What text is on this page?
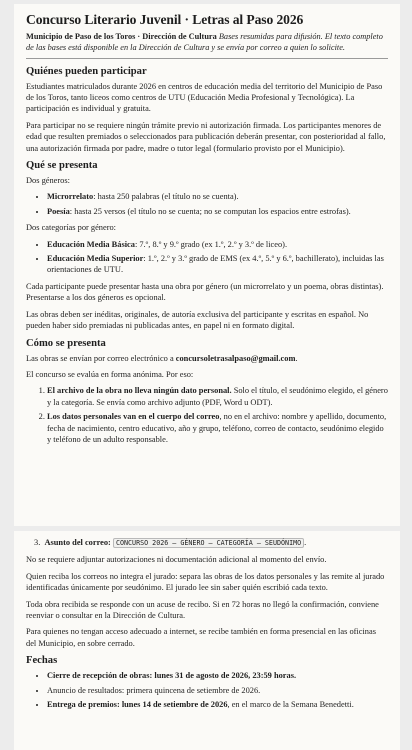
Concurso Literario Juvenil · Letras al Paso 2026

Municipio de Paso de los Toros · Dirección de Cultura Bases resumidas para difusión. El texto completo de las bases está disponible en la Dirección de Cultura y se envía por correo a quien lo solicite.

Quiénes pueden participar

Estudiantes matriculados durante 2026 en centros de educación media del territorio del Municipio de Paso de los Toros, tanto liceos como centros de UTU (Educación Media Profesional y Tecnológica). La participación es individual y gratuita.

Para participar no se requiere ningún trámite previo ni autorización firmada. Los participantes menores de edad que resulten premiados o seleccionados para publicación deberán presentar, con posterioridad al fallo, una autorización firmada por padre, madre o tutor legal (formulario provisto por el Municipio).

Qué se presenta

Dos géneros:

• Microrrelato: hasta 250 palabras (el título no se cuenta).
• Poesía: hasta 25 versos (el título no se cuenta; no se computan los espacios entre estrofas).

Dos categorías por género:

• Educación Media Básica: 7.º, 8.º y 9.º grado (ex 1.º, 2.º y 3.º de liceo).
• Educación Media Superior: 1.º, 2.º y 3.º grado de EMS (ex 4.º, 5.º y 6.º, bachillerato), incluidas las orientaciones de UTU.

Cada participante puede presentar hasta una obra por género (un microrrelato y un poema, obras distintas). Presentarse a los dos géneros es opcional.

Las obras deben ser inéditas, originales, de autoría exclusiva del participante y escritas en español. No pueden haber sido premiadas ni publicadas antes, en papel ni en formato digital.

Cómo se presenta

Las obras se envían por correo electrónico a concursoletrasalpaso@gmail.com.

El concurso se evalúa en forma anónima. Por eso:

1. El archivo de la obra no lleva ningún dato personal. Solo el título, el seudónimo elegido, el género y la categoría. Se envía como archivo adjunto (PDF, Word u ODT).
2. Los datos personales van en el cuerpo del correo, no en el archivo: nombre y apellido, documento, fecha de nacimiento, centro educativo, año y grupo, teléfono, correo de contacto, seudónimo elegido y teléfono de un adulto responsable.
3. Asunto del correo: CONCURSO 2026 — GÉNERO — CATEGORÍA — SEUDÓNIMO .

No se requiere adjuntar autorizaciones ni documentación adicional al momento del envío.

Quien reciba los correos no integra el jurado: separa las obras de los datos personales y las remite al jurado identificadas únicamente por seudónimo. El jurado lee sin saber quién escribió cada texto.

Toda obra recibida se responde con un acuse de recibo. Si en 72 horas no llegó la confirmación, conviene reenviar o consultar en la Dirección de Cultura.

Para quienes no tengan acceso adecuado a internet, se recibe también en forma presencial en las oficinas del Municipio, en sobre cerrado.

Fechas
• Cierre de recepción de obras: lunes 31 de agosto de 2026, 23:59 horas.
• Anuncio de resultados: primera quincena de setiembre de 2026.
• Entrega de premios: lunes 14 de setiembre de 2026, en el marco de la Semana Benedetti.
